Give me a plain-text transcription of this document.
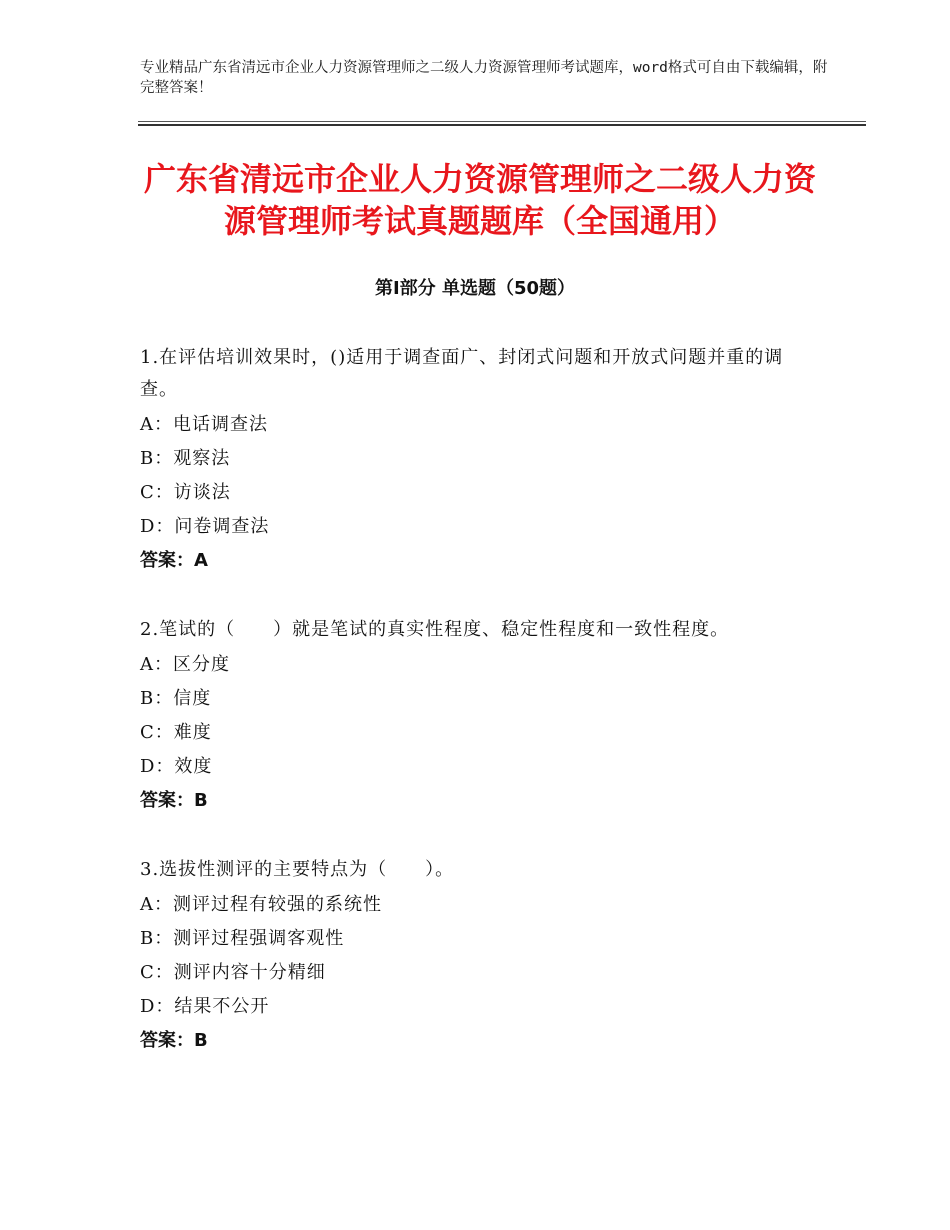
专业精品广东省清远市企业人力资源管理师之二级人力资源管理师考试题库，word格式可自由下载编辑，附完整答案！
广东省清远市企业人力资源管理师之二级人力资源管理师考试真题题库（全国通用）
第Ⅰ部分 单选题（50题）
1.在评估培训效果时，()适用于调查面广、封闭式问题和开放式问题并重的调查。
A：电话调查法
B：观察法
C：访谈法
D：问卷调查法
答案：A
2.笔试的（　　）就是笔试的真实性程度、稳定性程度和一致性程度。
A：区分度
B：信度
C：难度
D：效度
答案：B
3.选拔性测评的主要特点为（　　）。
A：测评过程有较强的系统性
B：测评过程强调客观性
C：测评内容十分精细
D：结果不公开
答案：B
